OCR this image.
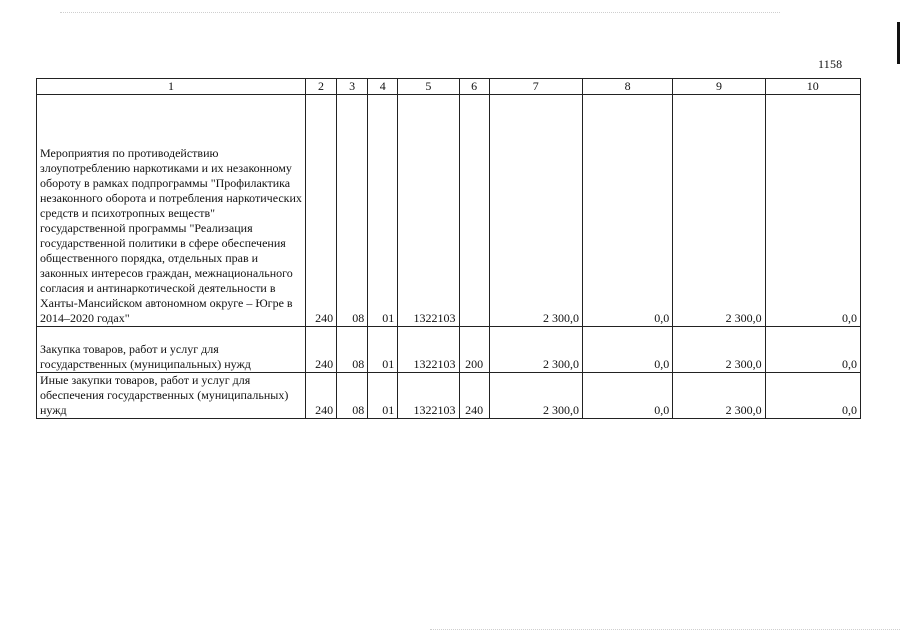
1158
1	2	3	4	5	6	7	8	9	10
Мероприятия по противодействию злоупотреблению наркотиками и их незаконному обороту в рамках подпрограммы "Профилактика незаконного оборота и потребления наркотических средств и психотропных веществ" государственной программы "Реализация государственной политики в сфере обеспечения общественного порядка, отдельных прав и законных интересов граждан, межнационального согласия и антинаркотической деятельности в Ханты-Мансийском автономном округе – Югре в 2014–2020 годах"	240	08	01	1322103		2 300,0	0,0	2 300,0	0,0
Закупка товаров, работ и услуг для государственных (муниципальных) нужд	240	08	01	1322103	200	2 300,0	0,0	2 300,0	0,0
Иные закупки товаров, работ и услуг для обеспечения государственных (муниципальных) нужд	240	08	01	1322103	240	2 300,0	0,0	2 300,0	0,0
